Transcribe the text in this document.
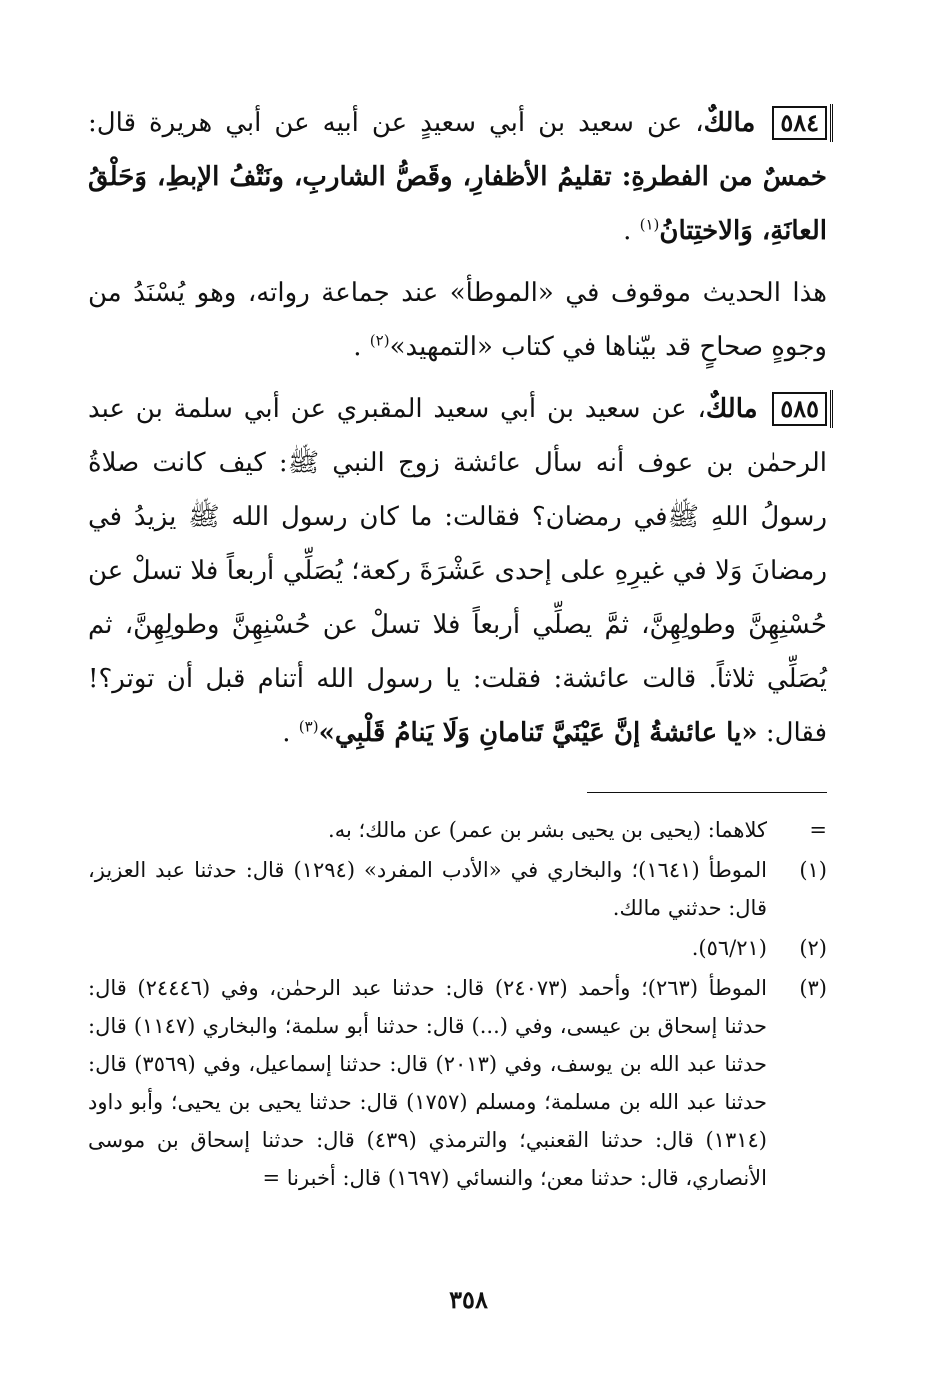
٥٨٤ مالكٌ، عن سعيد بن أبي سعيدٍ عن أبيه عن أبي هريرة قال: خمسٌ من الفطرةِ: تقليمُ الأظفارِ، وقَصُّ الشاربِ، ونَتْفُ الإبطِ، وَحَلْقُ العانَةِ، وَالاختِتانُ$^{(١)}$ .

هذا الحديث موقوف في «الموطأ» عند جماعة رواته، وهو يُسْنَدُ من وجوهٍ صحاحٍ قد بيّناها في كتاب «التمهيد»$^{(٢)}$ .

٥٨٥ مالكٌ، عن سعيد بن أبي سعيد المقبري عن أبي سلمة بن عبد الرحمٰن بن عوف أنه سأل عائشة زوج النبي ﷺ: كيف كانت صلاةُ رسولُ اللهِ ﷺفي رمضان؟ فقالت: ما كان رسول الله ﷺ يزيدُ في رمضانَ وَلا في غيرِهِ على إحدى عَشْرَةَ ركعة؛ يُصَلِّي أربعاً فلا تسلْ عن حُسْنِهِنَّ وطولِهِنَّ، ثمَّ يصلِّي أربعاً فلا تسلْ عن حُسْنِهِنَّ وطولِهِنَّ، ثم يُصَلِّي ثلاثاً. قالت عائشة: فقلت: يا رسول الله أتنام قبل أن توتر؟! فقال: «يا عائشةُ إنَّ عَيْنَيَّ تَنامانِ وَلَا يَنامُ قَلْبِي»$^{(٣)}$ .

=
كلاهما: (يحيى بن يحيى بشر بن عمر) عن مالك؛ به.
(١)
الموطأ (١٦٤١)؛ والبخاري في «الأدب المفرد» (١٢٩٤) قال: حدثنا عبد العزيز، قال: حدثني مالك.
(٢)
(٥٦/٢١).
(٣)
الموطأ (٢٦٣)؛ وأحمد (٢٤٠٧٣) قال: حدثنا عبد الرحمٰن، وفي (٢٤٤٤٦) قال: حدثنا إسحاق بن عيسى، وفي (...) قال: حدثنا أبو سلمة؛ والبخاري (١١٤٧) قال: حدثنا عبد الله بن يوسف، وفي (٢٠١٣) قال: حدثنا إسماعيل، وفي (٣٥٦٩) قال: حدثنا عبد الله بن مسلمة؛ ومسلم (١٧٥٧) قال: حدثنا يحيى بن يحيى؛ وأبو داود (١٣١٤) قال: حدثنا القعنبي؛ والترمذي (٤٣٩) قال: حدثنا إسحاق بن موسى الأنصاري، قال: حدثنا معن؛ والنسائي (١٦٩٧) قال: أخبرنا =
٣٥٨
